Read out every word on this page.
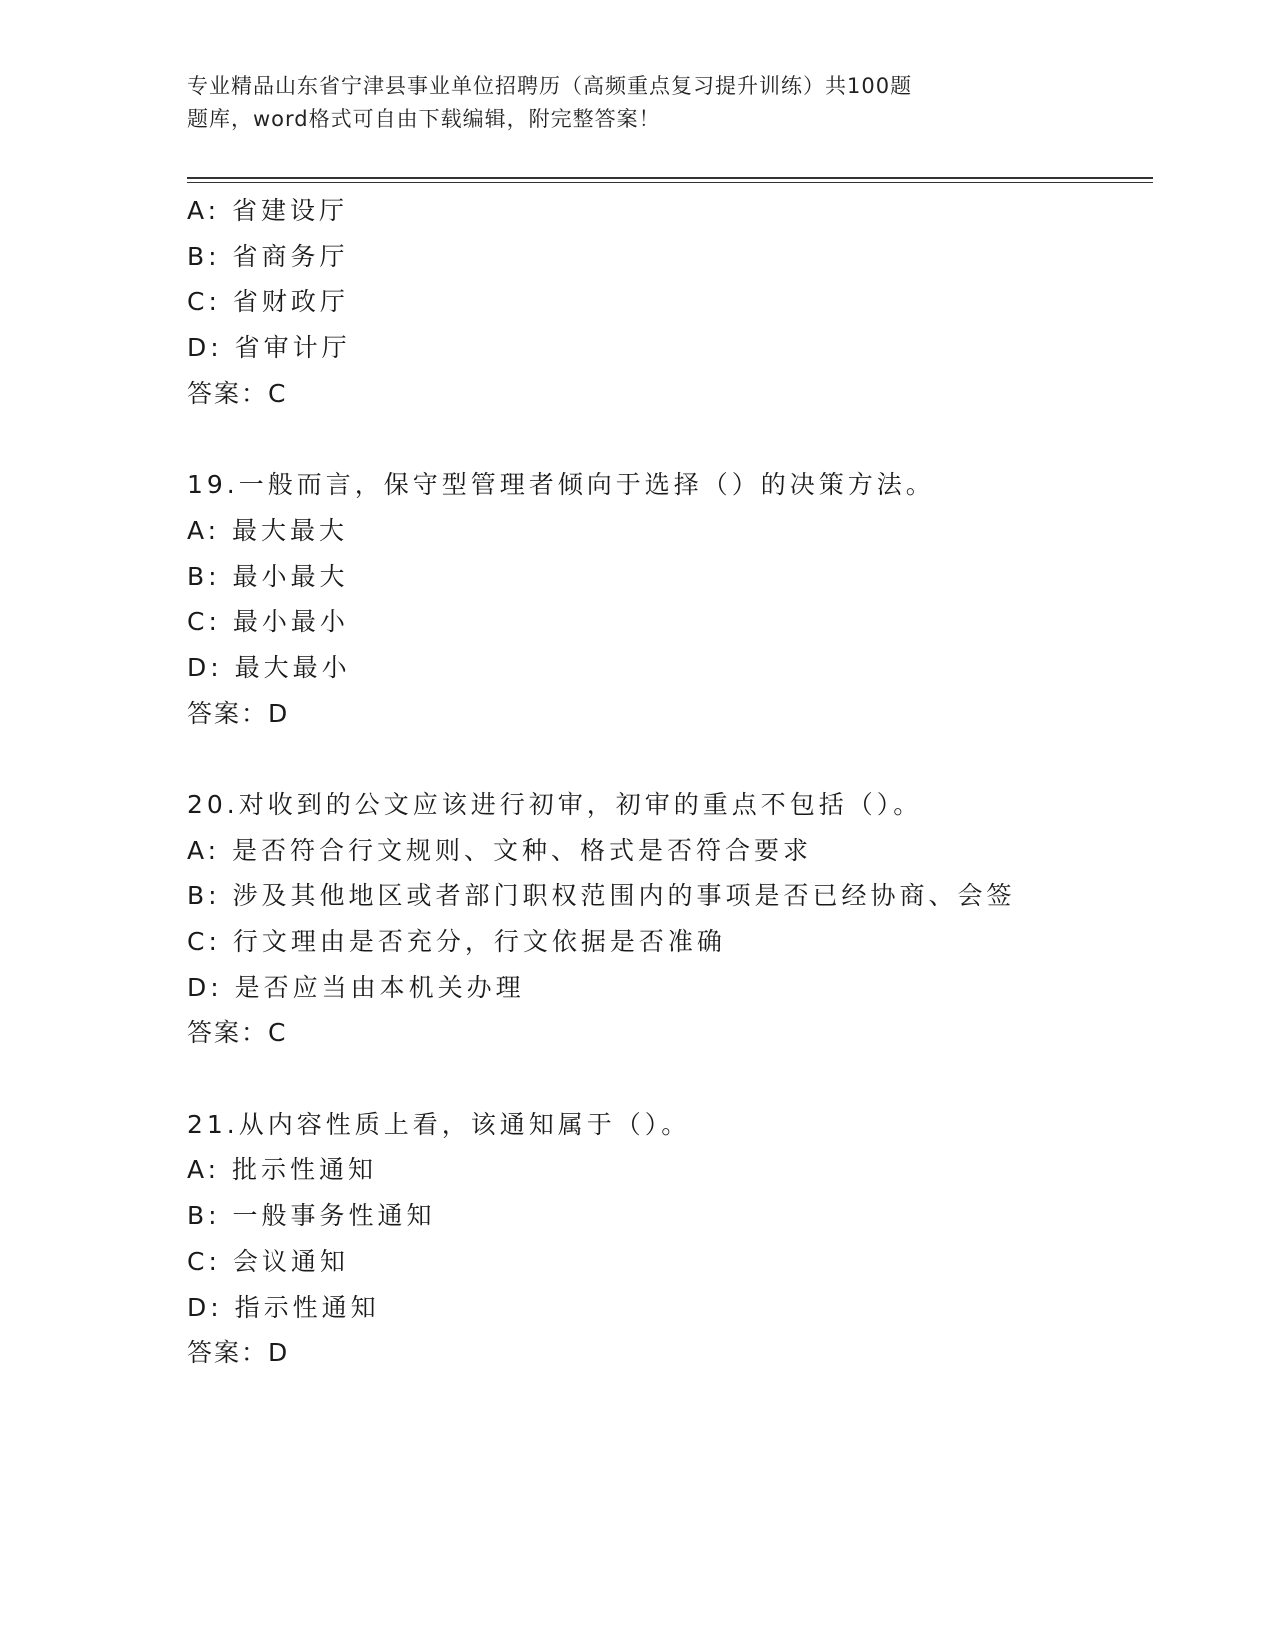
专业精品山东省宁津县事业单位招聘历（高频重点复习提升训练）共100题
题库，word格式可自由下载编辑，附完整答案！
A: 省建设厅
B: 省商务厅
C: 省财政厅
D: 省审计厅
答案：C
19.一般而言，保守型管理者倾向于选择（）的决策方法。
A: 最大最大
B: 最小最大
C: 最小最小
D: 最大最小
答案：D
20.对收到的公文应该进行初审，初审的重点不包括（）。
A: 是否符合行文规则、文种、格式是否符合要求
B: 涉及其他地区或者部门职权范围内的事项是否已经协商、会签
C: 行文理由是否充分，行文依据是否准确
D: 是否应当由本机关办理
答案：C
21.从内容性质上看，该通知属于（）。
A: 批示性通知
B: 一般事务性通知
C: 会议通知
D: 指示性通知
答案：D
